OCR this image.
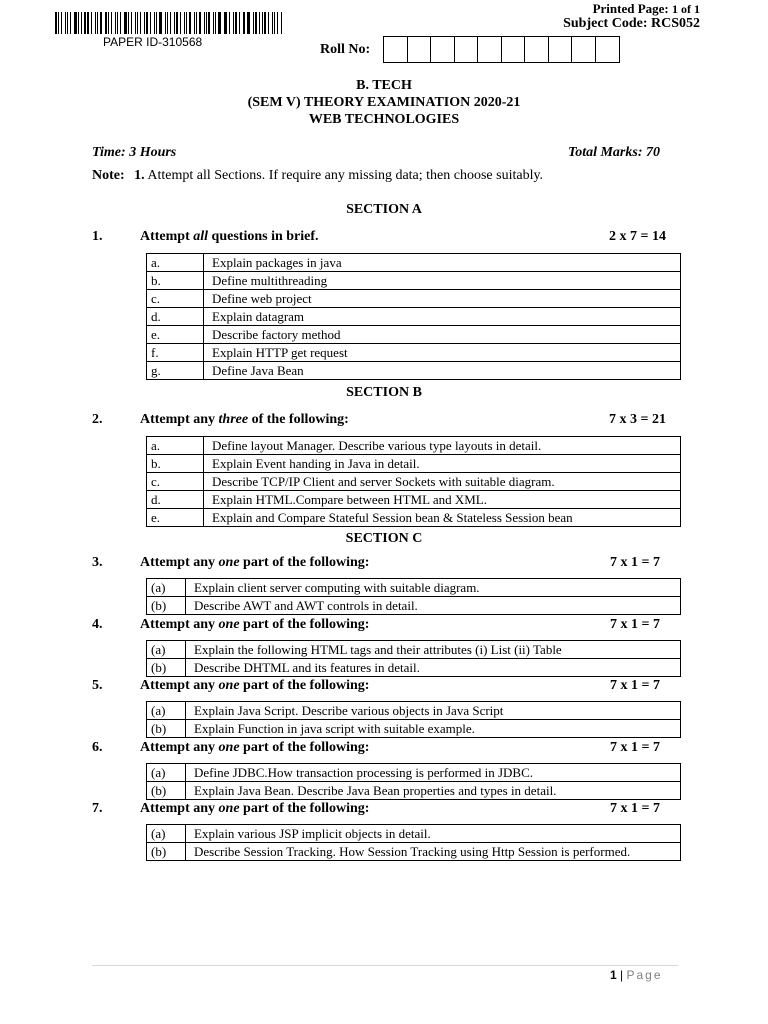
PAPER ID-310568
Printed Page: 1 of 1
Subject Code: RCS052
Roll No:
B. TECH
(SEM V) THEORY EXAMINATION 2020-21
WEB TECHNOLOGIES
Time: 3 Hours	Total Marks: 70
Note: 1. Attempt all Sections. If require any missing data; then choose suitably.
SECTION A
1.	Attempt all questions in brief.	2 x 7 = 14
a.	Explain packages in java
b.	Define multithreading
c.	Define web project
d.	Explain datagram
e.	Describe factory method
f.	Explain HTTP get request
g.	Define Java Bean
SECTION B
2.	Attempt any three of the following:	7 x 3 = 21
a.	Define layout Manager. Describe various type layouts in detail.
b.	Explain Event handing in Java in detail.
c.	Describe TCP/IP Client and server Sockets with suitable diagram.
d.	Explain HTML.Compare between HTML and XML.
e.	Explain and Compare Stateful Session bean & Stateless Session bean
SECTION C
3.	Attempt any one part of the following:	7 x 1 = 7
(a)	Explain client server computing with suitable diagram.
(b)	Describe AWT and AWT controls in detail.
4.	Attempt any one part of the following:	7 x 1 = 7
(a)	Explain the following HTML tags and their attributes (i) List (ii) Table
(b)	Describe DHTML and its features in detail.
5.	Attempt any one part of the following:	7 x 1 = 7
(a)	Explain Java Script. Describe various objects in Java Script
(b)	Explain Function in java script with suitable example.
6.	Attempt any one part of the following:	7 x 1 = 7
(a)	Define JDBC.How transaction processing is performed in JDBC.
(b)	Explain Java Bean. Describe Java Bean properties and types in detail.
7.	Attempt any one part of the following:	7 x 1 = 7
(a)	Explain various JSP implicit objects in detail.
(b)	Describe Session Tracking. How Session Tracking using Http Session is performed.
1 | Page
